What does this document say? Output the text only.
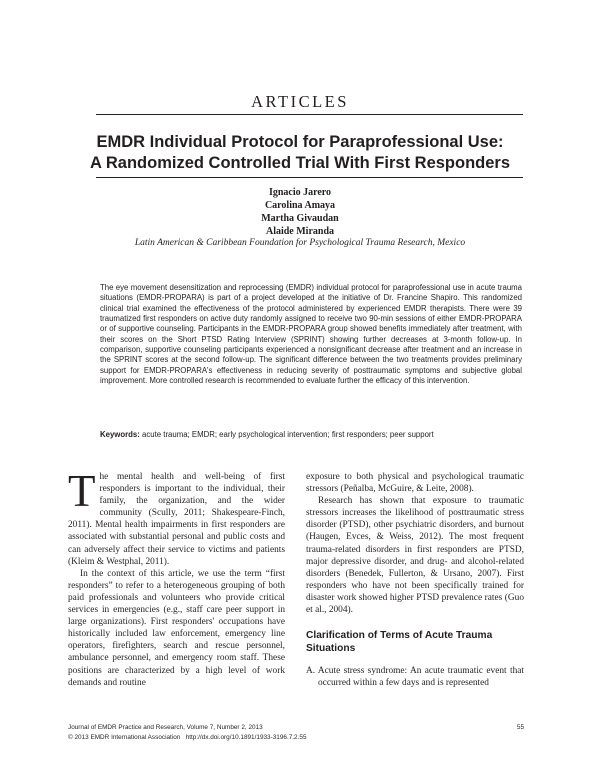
ARTICLES
EMDR Individual Protocol for Paraprofessional Use:
A Randomized Controlled Trial With First Responders
Ignacio Jarero
Carolina Amaya
Martha Givaudan
Alaide Miranda
Latin American & Caribbean Foundation for Psychological Trauma Research, Mexico

The eye movement desensitization and reprocessing (EMDR) individual protocol for paraprofessional use in acute trauma situations (EMDR-PROPARA) is part of a project developed at the initiative of Dr. Francine Shapiro. This randomized clinical trial examined the effectiveness of the protocol administered by experienced EMDR therapists. There were 39 traumatized first responders on active duty randomly assigned to receive two 90-min sessions of either EMDR-PROPARA or of supportive counseling. Participants in the EMDR-PROPARA group showed benefits immediately after treatment, with their scores on the Short PTSD Rating Interview (SPRINT) showing further decreases at 3-month follow-up. In comparison, supportive counseling participants experienced a nonsignificant decrease after treatment and an increase in the SPRINT scores at the second follow-up. The significant difference between the two treatments provides preliminary support for EMDR-PROPARA's effectiveness in reducing severity of posttraumatic symptoms and subjective global improvement. More controlled research is recommended to evaluate further the efficacy of this intervention.

Keywords: acute trauma; EMDR; early psychological intervention; first responders; peer support

The mental health and well-being of first responders is important to the individual, their family, the organization, and the wider community (Scully, 2011; Shakespeare-Finch, 2011). Mental health impairments in first responders are associated with substantial personal and public costs and can adversely affect their service to victims and patients (Kleim & Westphal, 2011).

In the context of this article, we use the term “first responders” to refer to a heterogeneous grouping of both paid professionals and volunteers who provide critical services in emergencies (e.g., staff care peer support in large organizations). First responders' occupations have historically included law enforcement, emergency line operators, firefighters, search and rescue personnel, ambulance personnel, and emergency room staff. These positions are characterized by a high level of work demands and routine

exposure to both physical and psychological traumatic stressors (Peñalba, McGuire, & Leite, 2008).

Research has shown that exposure to traumatic stressors increases the likelihood of posttraumatic stress disorder (PTSD), other psychiatric disorders, and burnout (Haugen, Evces, & Weiss, 2012). The most frequent trauma-related disorders in first responders are PTSD, major depressive disorder, and drug- and alcohol-related disorders (Benedek, Fullerton, & Ursano, 2007). First responders who have not been specifically trained for disaster work showed higher PTSD prevalence rates (Guo et al., 2004).

Clarification of Terms of Acute Trauma Situations

A. Acute stress syndrome: An acute traumatic event that occurred within a few days and is represented

Journal of EMDR Practice and Research, Volume 7, Number 2, 2013	55
© 2013 EMDR International Association http://dx.doi.org/10.1891/1933-3196.7.2.55
